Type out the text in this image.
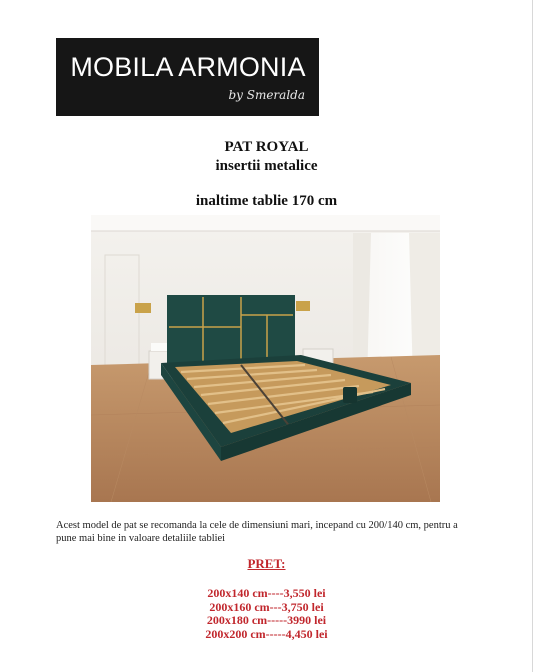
MOBILA ARMONIA
by Smeralda
PAT ROYAL
insertii metalice
inaltime tablie 170 cm
Acest model de pat se recomanda la cele de dimensiuni mari, incepand cu 200/140 cm, pentru a
pune mai bine in valoare detaliile tabliei
PRET:
200x140 cm----3,550 lei
200x160 cm---3,750 lei
200x180 cm-----3990 lei
200x200 cm-----4,450 lei
